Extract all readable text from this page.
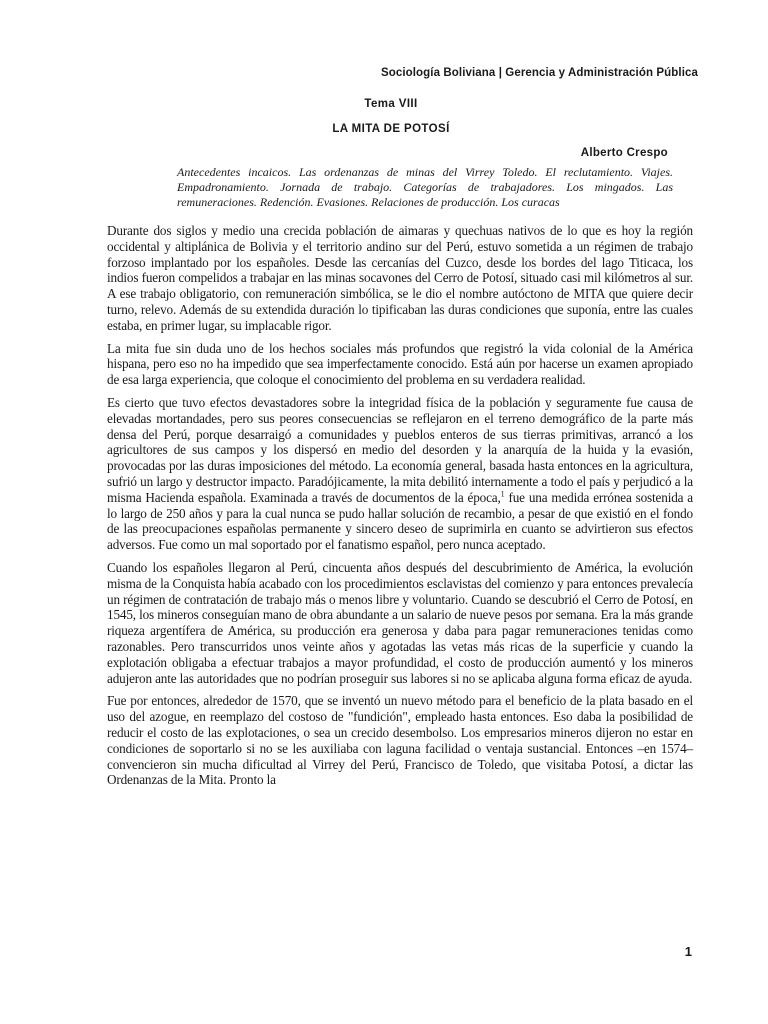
Sociología Boliviana | Gerencia y Administración Pública
Tema VIII
LA MITA DE POTOSÍ
Alberto Crespo

Antecedentes incaicos. Las ordenanzas de minas del Virrey Toledo. El reclutamiento. Viajes. Empadronamiento. Jornada de trabajo. Categorías de trabajadores. Los mingados. Las remuneraciones. Redención. Evasiones. Relaciones de producción. Los curacas

Durante dos siglos y medio una crecida población de aimaras y quechuas nativos de lo que es hoy la región occidental y altiplánica de Bolivia y el territorio andino sur del Perú, estuvo sometida a un régimen de trabajo forzoso implantado por los españoles. Desde las cercanías del Cuzco, desde los bordes del lago Titicaca, los indios fueron compelidos a trabajar en las minas socavones del Cerro de Potosí, situado casi mil kilómetros al sur. A ese trabajo obligatorio, con remuneración simbólica, se le dio el nombre autóctono de MITA que quiere decir turno, relevo. Además de su extendida duración lo tipificaban las duras condiciones que suponía, entre las cuales estaba, en primer lugar, su implacable rigor.

La mita fue sin duda uno de los hechos sociales más profundos que registró la vida colonial de la América hispana, pero eso no ha impedido que sea imperfectamente conocido. Está aún por hacerse un examen apropiado de esa larga experiencia, que coloque el conocimiento del problema en su verdadera realidad.

Es cierto que tuvo efectos devastadores sobre la integridad física de la población y seguramente fue causa de elevadas mortandades, pero sus peores consecuencias se reflejaron en el terreno demográfico de la parte más densa del Perú, porque desarraigó a comunidades y pueblos enteros de sus tierras primitivas, arrancó a los agricultores de sus campos y los dispersó en medio del desorden y la anarquía de la huida y la evasión, provocadas por las duras imposiciones del método. La economía general, basada hasta entonces en la agricultura, sufrió un largo y destructor impacto. Paradójicamente, la mita debilitó internamente a todo el país y perjudicó a la misma Hacienda española. Examinada a través de documentos de la época,$^1$ fue una medida errónea sostenida a lo largo de 250 años y para la cual nunca se pudo hallar solución de recambio, a pesar de que existió en el fondo de las preocupaciones españolas permanente y sincero deseo de suprimirla en cuanto se advirtieron sus efectos adversos. Fue como un mal soportado por el fanatismo español, pero nunca aceptado.

Cuando los españoles llegaron al Perú, cincuenta años después del descubrimiento de América, la evolución misma de la Conquista había acabado con los procedimientos esclavistas del comienzo y para entonces prevalecía un régimen de contratación de trabajo más o menos libre y voluntario. Cuando se descubrió el Cerro de Potosí, en 1545, los mineros conseguían mano de obra abundante a un salario de nueve pesos por semana. Era la más grande riqueza argentífera de América, su producción era generosa y daba para pagar remuneraciones tenidas como razonables. Pero transcurridos unos veinte años y agotadas las vetas más ricas de la superficie y cuando la explotación obligaba a efectuar trabajos a mayor profundidad, el costo de producción aumentó y los mineros adujeron ante las autoridades que no podrían proseguir sus labores si no se aplicaba alguna forma eficaz de ayuda.

Fue por entonces, alrededor de 1570, que se inventó un nuevo método para el beneficio de la plata basado en el uso del azogue, en reemplazo del costoso de "fundición", empleado hasta entonces. Eso daba la posibilidad de reducir el costo de las explotaciones, o sea un crecido desembolso. Los empresarios mineros dijeron no estar en condiciones de soportarlo si no se les auxiliaba con laguna facilidad o ventaja sustancial. Entonces –en 1574– convencieron sin mucha dificultad al Virrey del Perú, Francisco de Toledo, que visitaba Potosí, a dictar las Ordenanzas de la Mita. Pronto la

1
